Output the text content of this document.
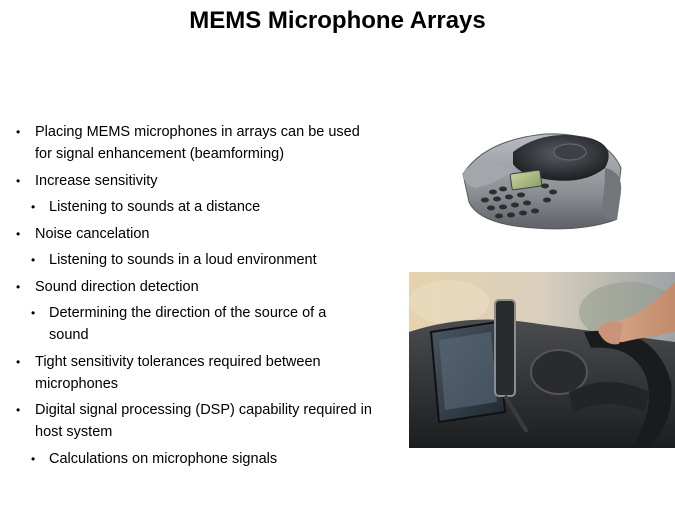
MEMS Microphone Arrays
• Placing MEMS microphones in arrays can be used for signal enhancement (beamforming)
• Increase sensitivity
• Listening to sounds at a distance
• Noise cancelation
• Listening to sounds in a loud environment
• Sound direction detection
• Determining the direction of the source of a sound
• Tight sensitivity tolerances required between microphones
• Digital signal processing (DSP) capability required in host system
• Calculations on microphone signals
